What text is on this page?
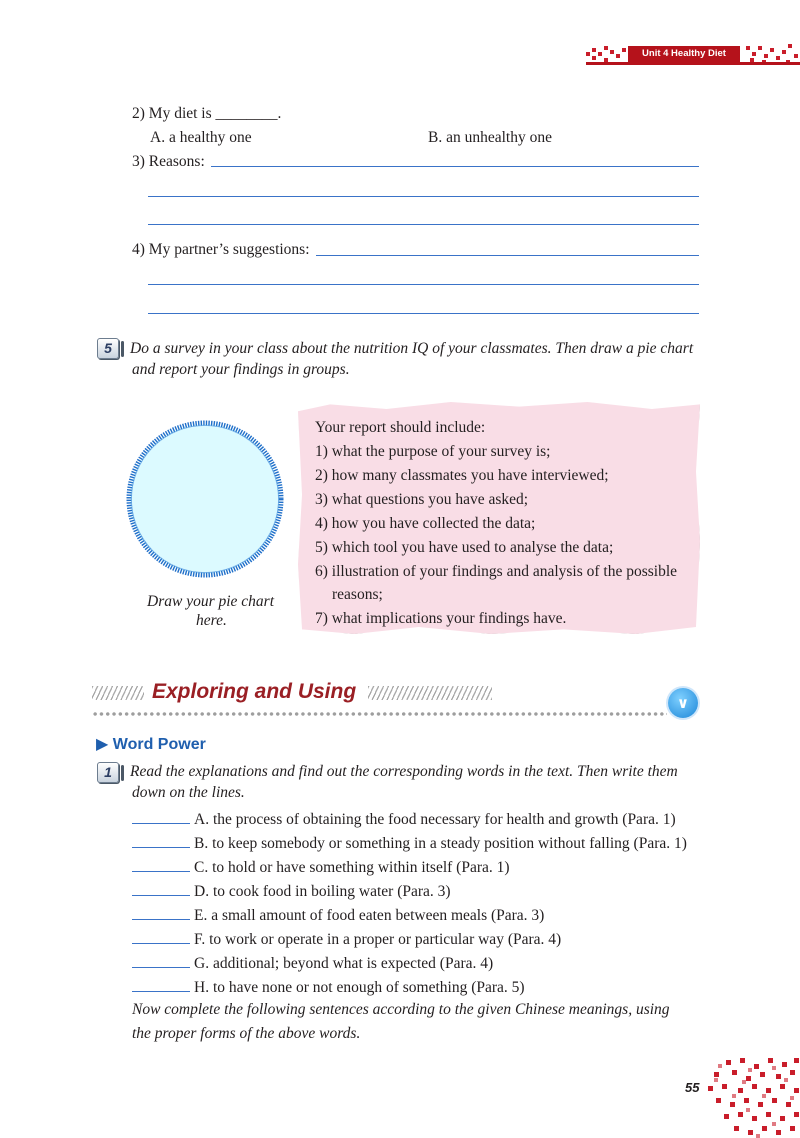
Unit 4 Healthy Diet
2) My diet is ________.
A. a healthy one	B. an unhealthy one
3) Reasons:
4) My partner’s suggestions:
5	Do a survey in your class about the nutrition IQ of your classmates. Then draw a pie chart
and report your findings in groups.
Draw your pie chart
here.
Your report should include:
1) what the purpose of your survey is;
2) how many classmates you have interviewed;
3) what questions you have asked;
4) how you have collected the data;
5) which tool you have used to analyse the data;
6) illustration of your findings and analysis of the possible
reasons;
7) what implications your findings have.
Exploring and Using	∨
▶ Word Power
1	Read the explanations and find out the corresponding words in the text. Then write them
down on the lines.
A. the process of obtaining the food necessary for health and growth (Para. 1)
B. to keep somebody or something in a steady position without falling (Para. 1)
C. to hold or have something within itself (Para. 1)
D. to cook food in boiling water (Para. 3)
E. a small amount of food eaten between meals (Para. 3)
F. to work or operate in a proper or particular way (Para. 4)
G. additional; beyond what is expected (Para. 4)
H. to have none or not enough of something (Para. 5)
Now complete the following sentences according to the given Chinese meanings, using
the proper forms of the above words.
55
